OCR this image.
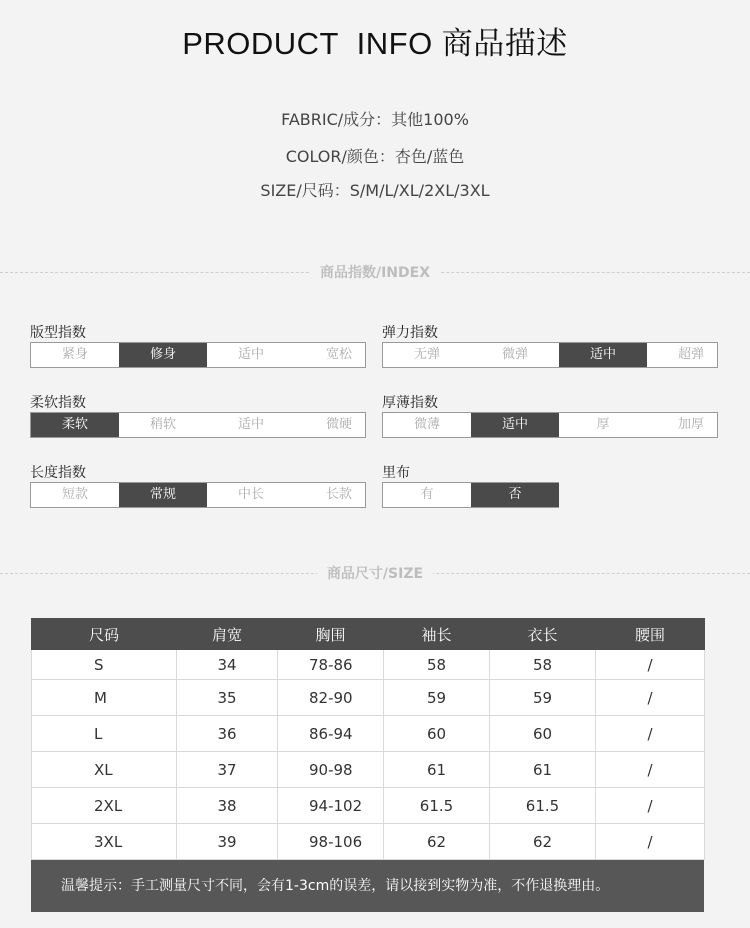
PRODUCT  INFO 商品描述
FABRIC/成分：其他100%
COLOR/颜色：杏色/蓝色
SIZE/尺码：S/M/L/XL/2XL/3XL
商品指数/INDEX
版型指数
紧身	修身	适中	宽松
弹力指数
无弹	微弹	适中	超弹
柔软指数
柔软	稍软	适中	微硬
厚薄指数
微薄	适中	厚	加厚
长度指数
短款	常规	中长	长款
里布
有	否
商品尺寸/SIZE
尺码	肩宽	胸围	袖长	衣长	腰围
S	34	78-86	58	58	/
M	35	82-90	59	59	/
L	36	86-94	60	60	/
XL	37	90-98	61	61	/
2XL	38	94-102	61.5	61.5	/
3XL	39	98-106	62	62	/
温馨提示：手工测量尺寸不同，会有1-3cm的误差，请以接到实物为准，不作退换理由。
